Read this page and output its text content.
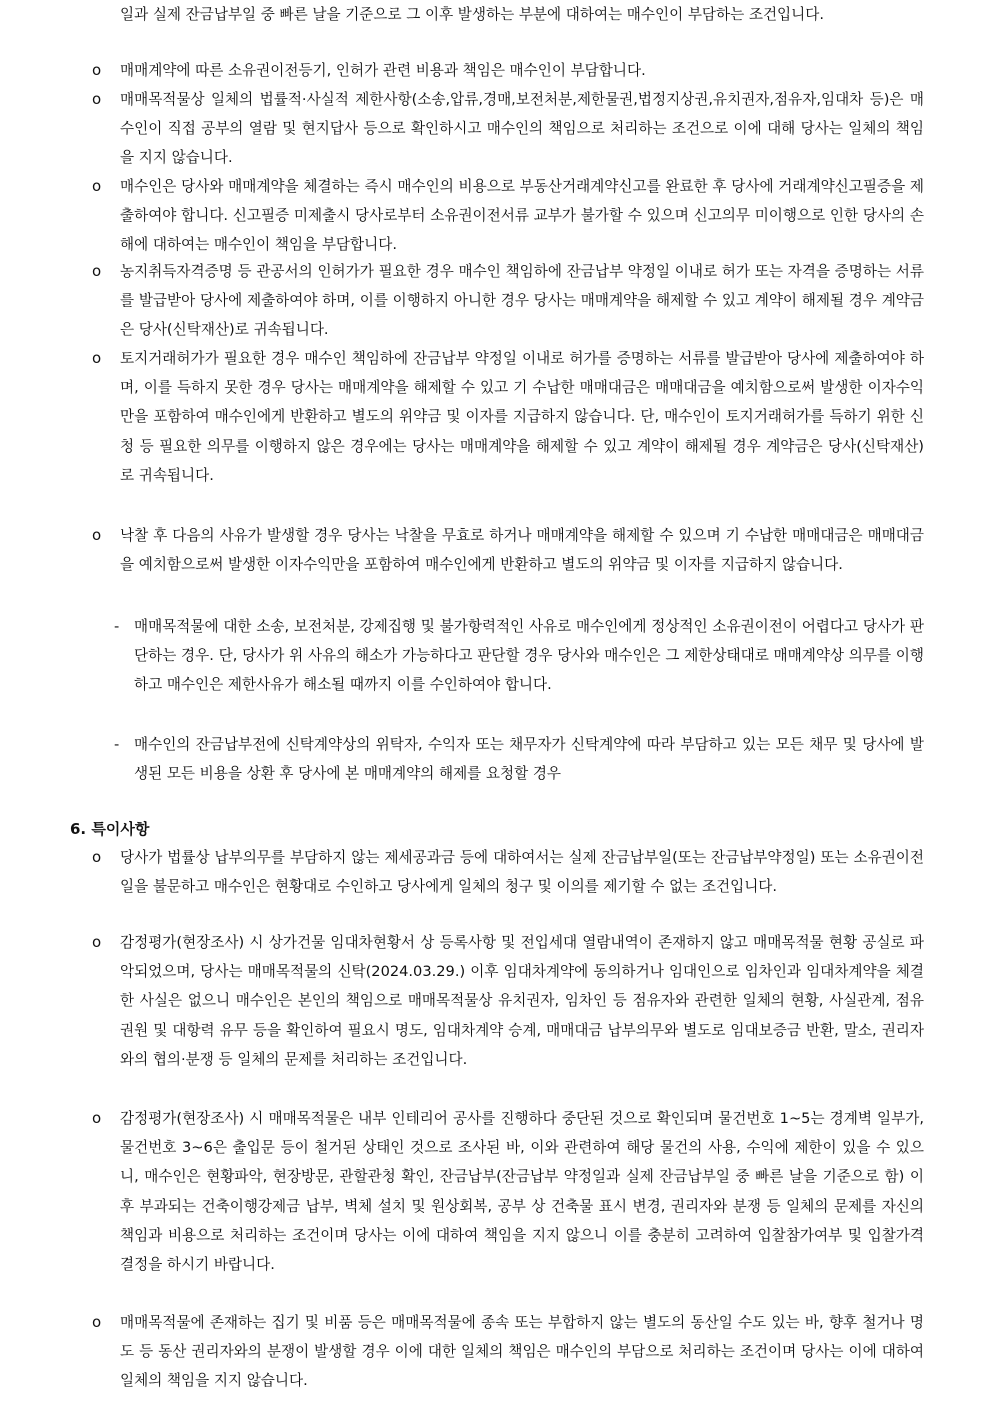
일과 실제 잔금납부일 중 빠른 날을 기준으로 그 이후 발생하는 부분에 대하여는 매수인이 부담하는 조건입니다.
o	매매계약에 따른 소유권이전등기, 인허가 관련 비용과 책임은 매수인이 부담합니다.
o	매매목적물상 일체의 법률적·사실적 제한사항(소송,압류,경매,보전처분,제한물권,법정지상권,유치권자,점유자,임대차 등)은 매수인이 직접 공부의 열람 및 현지답사 등으로 확인하시고 매수인의 책임으로 처리하는 조건으로 이에 대해 당사는 일체의 책임을 지지 않습니다.
o	매수인은 당사와 매매계약을 체결하는 즉시 매수인의 비용으로 부동산거래계약신고를 완료한 후 당사에 거래계약신고필증을 제출하여야 합니다. 신고필증 미제출시 당사로부터 소유권이전서류 교부가 불가할 수 있으며 신고의무 미이행으로 인한 당사의 손해에 대하여는 매수인이 책임을 부담합니다.
o	농지취득자격증명 등 관공서의 인허가가 필요한 경우 매수인 책임하에 잔금납부 약정일 이내로 허가 또는 자격을 증명하는 서류를 발급받아 당사에 제출하여야 하며, 이를 이행하지 아니한 경우 당사는 매매계약을 해제할 수 있고 계약이 해제될 경우 계약금은 당사(신탁재산)로 귀속됩니다.
o	토지거래허가가 필요한 경우 매수인 책임하에 잔금납부 약정일 이내로 허가를 증명하는 서류를 발급받아 당사에 제출하여야 하며, 이를 득하지 못한 경우 당사는 매매계약을 해제할 수 있고 기 수납한 매매대금은 매매대금을 예치함으로써 발생한 이자수익만을 포함하여 매수인에게 반환하고 별도의 위약금 및 이자를 지급하지 않습니다. 단, 매수인이 토지거래허가를 득하기 위한 신청 등 필요한 의무를 이행하지 않은 경우에는 당사는 매매계약을 해제할 수 있고 계약이 해제될 경우 계약금은 당사(신탁재산)로 귀속됩니다.
o	낙찰 후 다음의 사유가 발생할 경우 당사는 낙찰을 무효로 하거나 매매계약을 해제할 수 있으며 기 수납한 매매대금은 매매대금을 예치함으로써 발생한 이자수익만을 포함하여 매수인에게 반환하고 별도의 위약금 및 이자를 지급하지 않습니다.
- 매매목적물에 대한 소송, 보전처분, 강제집행 및 불가항력적인 사유로 매수인에게 정상적인 소유권이전이 어렵다고 당사가 판단하는 경우. 단, 당사가 위 사유의 해소가 가능하다고 판단할 경우 당사와 매수인은 그 제한상태대로 매매계약상 의무를 이행하고 매수인은 제한사유가 해소될 때까지 이를 수인하여야 합니다.
- 매수인의 잔금납부전에 신탁계약상의 위탁자, 수익자 또는 채무자가 신탁계약에 따라 부담하고 있는 모든 채무 및 당사에 발생된 모든 비용을 상환 후 당사에 본 매매계약의 해제를 요청할 경우
6. 특이사항
o	당사가 법률상 납부의무를 부담하지 않는 제세공과금 등에 대하여서는 실제 잔금납부일(또는 잔금납부약정일) 또는 소유권이전일을 불문하고 매수인은 현황대로 수인하고 당사에게 일체의 청구 및 이의를 제기할 수 없는 조건입니다.
o	감정평가(현장조사) 시 상가건물 임대차현황서 상 등록사항 및 전입세대 열람내역이 존재하지 않고 매매목적물 현황 공실로 파악되었으며, 당사는 매매목적물의 신탁(2024.03.29.) 이후 임대차계약에 동의하거나 임대인으로 임차인과 임대차계약을 체결한 사실은 없으니 매수인은 본인의 책임으로 매매목적물상 유치권자, 임차인 등 점유자와 관련한 일체의 현황, 사실관계, 점유 권원 및 대항력 유무 등을 확인하여 필요시 명도, 임대차계약 승계, 매매대금 납부의무와 별도로 임대보증금 반환, 말소, 권리자와의 협의·분쟁 등 일체의 문제를 처리하는 조건입니다.
o	감정평가(현장조사) 시 매매목적물은 내부 인테리어 공사를 진행하다 중단된 것으로 확인되며 물건번호 1~5는 경계벽 일부가, 물건번호 3~6은 출입문 등이 철거된 상태인 것으로 조사된 바, 이와 관련하여 해당 물건의 사용, 수익에 제한이 있을 수 있으니, 매수인은 현황파악, 현장방문, 관할관청 확인, 잔금납부(잔금납부 약정일과 실제 잔금납부일 중 빠른 날을 기준으로 함) 이후 부과되는 건축이행강제금 납부, 벽체 설치 및 원상회복, 공부 상 건축물 표시 변경, 권리자와 분쟁 등 일체의 문제를 자신의 책임과 비용으로 처리하는 조건이며 당사는 이에 대하여 책임을 지지 않으니 이를 충분히 고려하여 입찰참가여부 및 입찰가격 결정을 하시기 바랍니다.
o	매매목적물에 존재하는 집기 및 비품 등은 매매목적물에 종속 또는 부합하지 않는 별도의 동산일 수도 있는 바, 향후 철거나 명도 등 동산 권리자와의 분쟁이 발생할 경우 이에 대한 일체의 책임은 매수인의 부담으로 처리하는 조건이며 당사는 이에 대하여 일체의 책임을 지지 않습니다.
